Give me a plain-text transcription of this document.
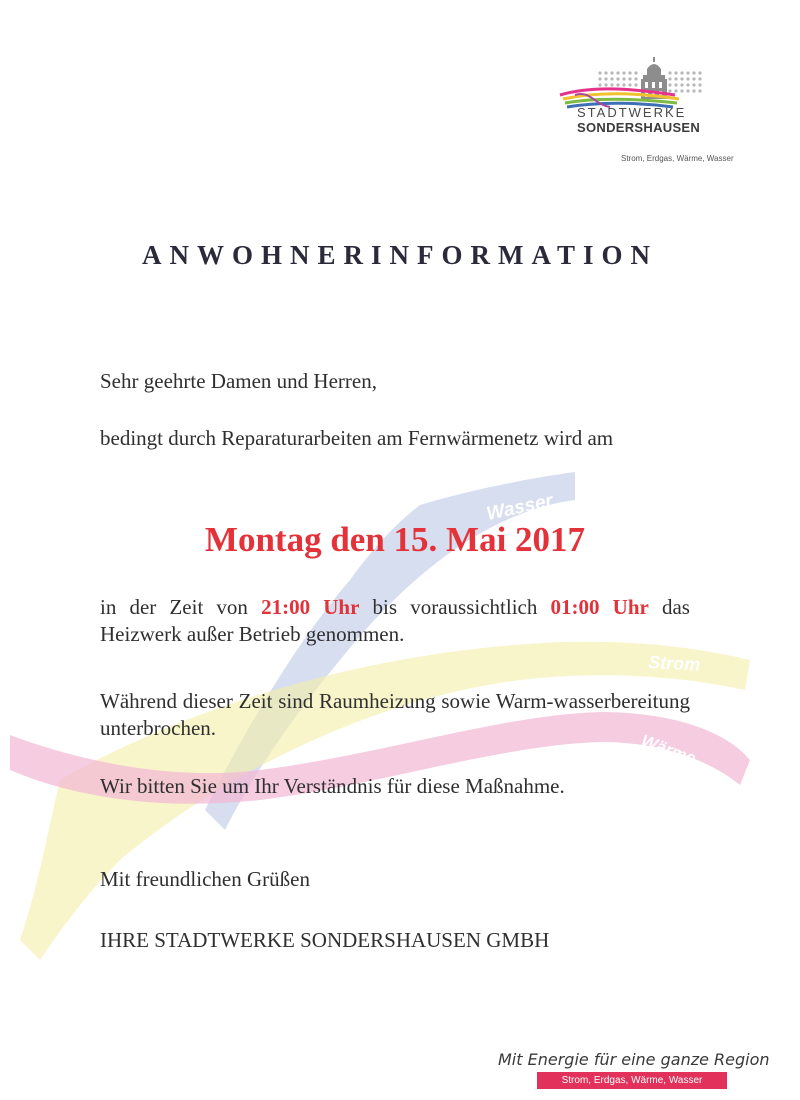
Wasser
Strom
Wärme
STADTWERKE
SONDERSHAUSEN
Strom, Erdgas, Wärme, Wasser
ANWOHNERINFORMATION
Sehr geehrte Damen und Herren,
bedingt durch Reparaturarbeiten am Fernwärmenetz wird am
Montag den 15. Mai 2017
in der Zeit von 21:00 Uhr bis voraussichtlich 01:00 Uhr das Heizwerk außer Betrieb genommen.
Während dieser Zeit sind Raumheizung sowie Warm-wasserbereitung unterbrochen.
Wir bitten Sie um Ihr Verständnis für diese Maßnahme.
Mit freundlichen Grüßen
IHRE STADTWERKE SONDERSHAUSEN GMBH
Mit Energie für eine ganze Region
Strom, Erdgas, Wärme, Wasser
